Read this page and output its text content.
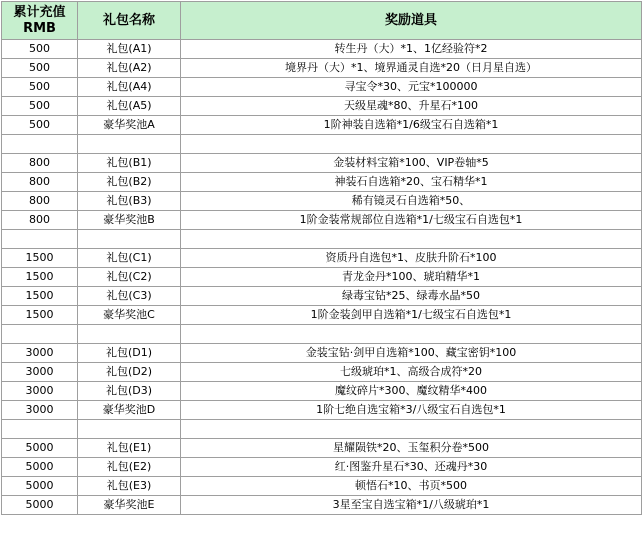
累计充值
RMB	礼包名称	奖励道具
500	礼包(A1)	转生丹（大）*1、1亿经验符*2
500	礼包(A2)	境界丹（大）*1、境界通灵自选*20（日月星自选）
500	礼包(A4)	寻宝令*30、元宝*100000
500	礼包(A5)	天级星魂*80、升星石*100
500	豪华奖池A	1阶神装自选箱*1/6级宝石自选箱*1

800	礼包(B1)	金装材料宝箱*100、VIP卷轴*5
800	礼包(B2)	神装石自选箱*20、宝石精华*1
800	礼包(B3)	稀有镜灵石自选箱*50、
800	豪华奖池B	1阶金装常规部位自选箱*1/七级宝石自选包*1

1500	礼包(C1)	资质丹自选包*1、皮肤升阶石*100
1500	礼包(C2)	青龙金丹*100、琥珀精华*1
1500	礼包(C3)	绿毒宝钻*25、绿毒水晶*50
1500	豪华奖池C	1阶金装剑甲自选箱*1/七级宝石自选包*1

3000	礼包(D1)	金装宝钻·剑甲自选箱*100、藏宝密钥*100
3000	礼包(D2)	七级琥珀*1、高级合成符*20
3000	礼包(D3)	魔纹碎片*300、魔纹精华*400
3000	豪华奖池D	1阶七绝自选宝箱*3/八级宝石自选包*1

5000	礼包(E1)	星耀陨铁*20、玉玺积分卷*500
5000	礼包(E2)	红·图鉴升星石*30、还魂丹*30
5000	礼包(E3)	顿悟石*10、书页*500
5000	豪华奖池E	3星至宝自选宝箱*1/八级琥珀*1
